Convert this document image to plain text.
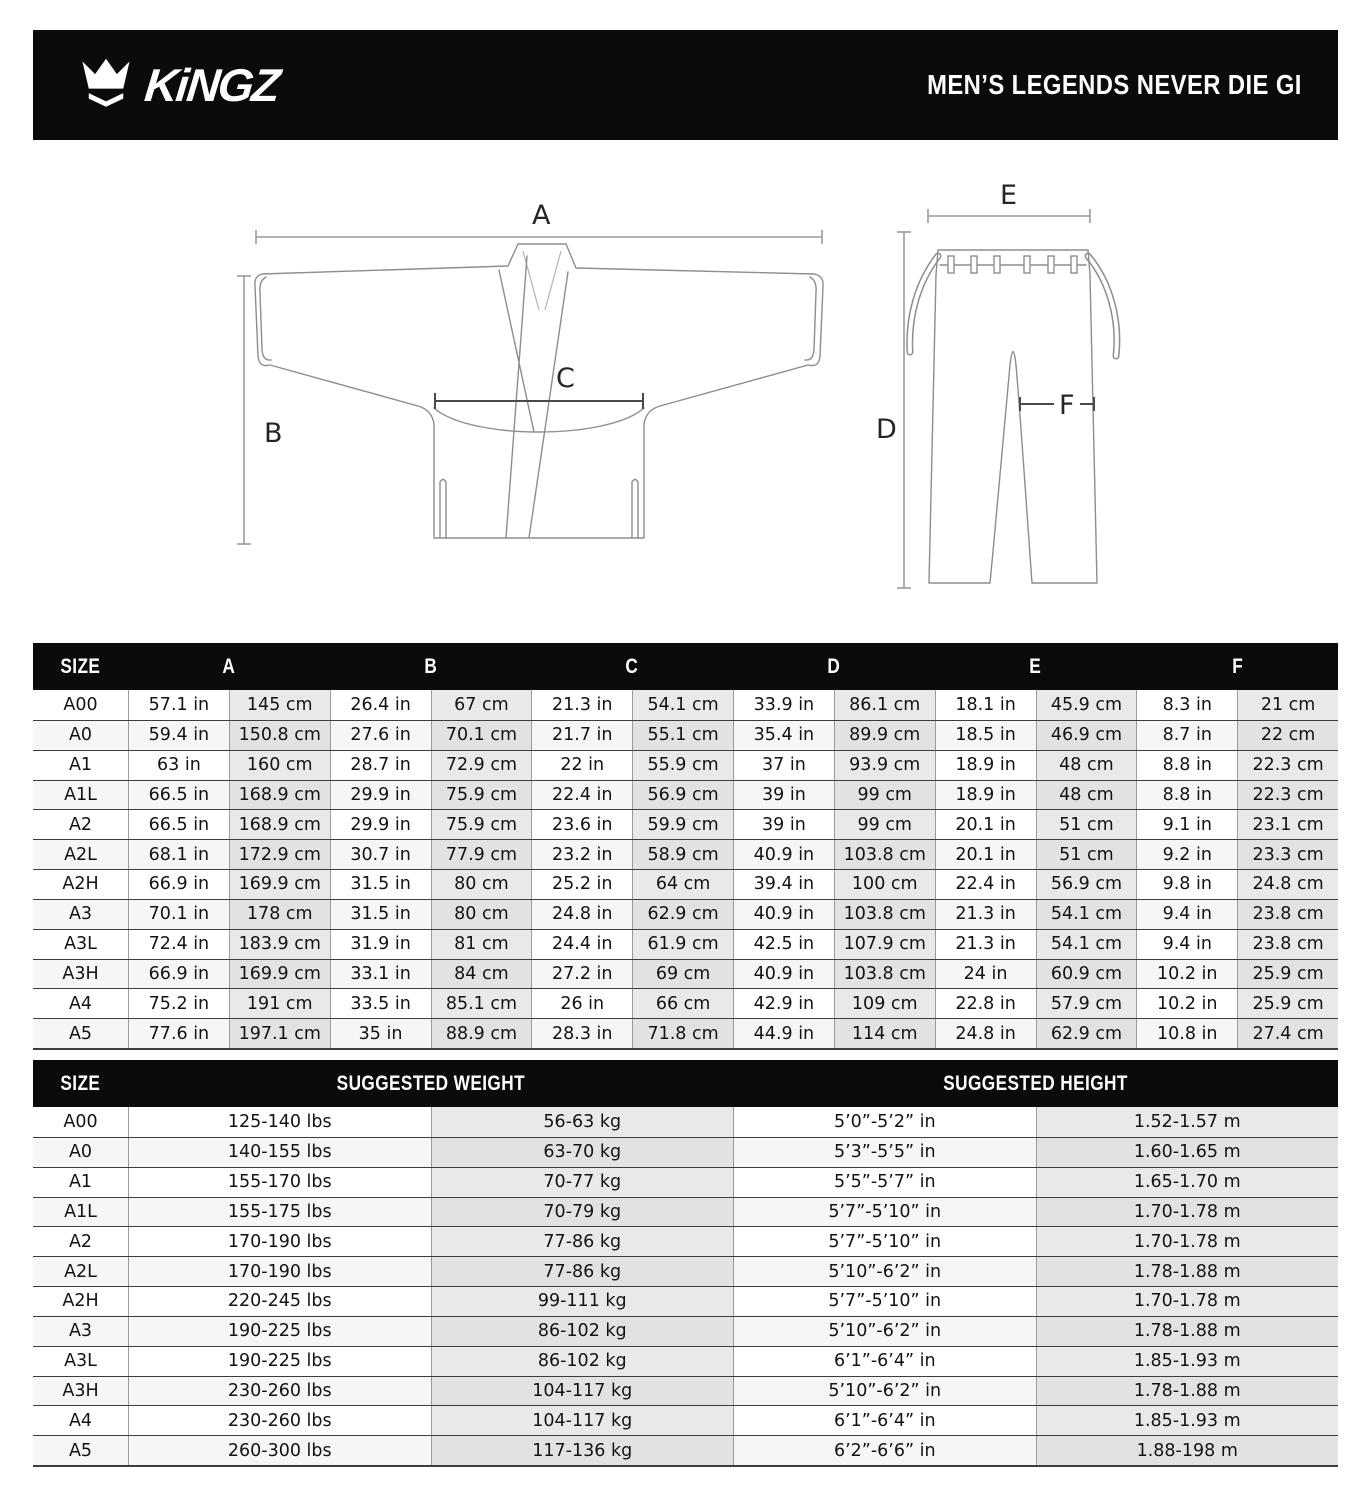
KiNGZ	MEN’S LEGENDS NEVER DIE GI
A
B
C
E
D
F
SIZE	A	B	C	D	E	F
A00	57.1 in	145 cm	26.4 in	67 cm	21.3 in	54.1 cm	33.9 in	86.1 cm	18.1 in	45.9 cm	8.3 in	21 cm
A0	59.4 in	150.8 cm	27.6 in	70.1 cm	21.7 in	55.1 cm	35.4 in	89.9 cm	18.5 in	46.9 cm	8.7 in	22 cm
A1	63 in	160 cm	28.7 in	72.9 cm	22 in	55.9 cm	37 in	93.9 cm	18.9 in	48 cm	8.8 in	22.3 cm
A1L	66.5 in	168.9 cm	29.9 in	75.9 cm	22.4 in	56.9 cm	39 in	99 cm	18.9 in	48 cm	8.8 in	22.3 cm
A2	66.5 in	168.9 cm	29.9 in	75.9 cm	23.6 in	59.9 cm	39 in	99 cm	20.1 in	51 cm	9.1 in	23.1 cm
A2L	68.1 in	172.9 cm	30.7 in	77.9 cm	23.2 in	58.9 cm	40.9 in	103.8 cm	20.1 in	51 cm	9.2 in	23.3 cm
A2H	66.9 in	169.9 cm	31.5 in	80 cm	25.2 in	64 cm	39.4 in	100 cm	22.4 in	56.9 cm	9.8 in	24.8 cm
A3	70.1 in	178 cm	31.5 in	80 cm	24.8 in	62.9 cm	40.9 in	103.8 cm	21.3 in	54.1 cm	9.4 in	23.8 cm
A3L	72.4 in	183.9 cm	31.9 in	81 cm	24.4 in	61.9 cm	42.5 in	107.9 cm	21.3 in	54.1 cm	9.4 in	23.8 cm
A3H	66.9 in	169.9 cm	33.1 in	84 cm	27.2 in	69 cm	40.9 in	103.8 cm	24 in	60.9 cm	10.2 in	25.9 cm
A4	75.2 in	191 cm	33.5 in	85.1 cm	26 in	66 cm	42.9 in	109 cm	22.8 in	57.9 cm	10.2 in	25.9 cm
A5	77.6 in	197.1 cm	35 in	88.9 cm	28.3 in	71.8 cm	44.9 in	114 cm	24.8 in	62.9 cm	10.8 in	27.4 cm
SIZE	SUGGESTED WEIGHT	SUGGESTED HEIGHT
A00	125-140 lbs	56-63 kg	5’0”-5’2” in	1.52-1.57 m
A0	140-155 lbs	63-70 kg	5’3”-5’5” in	1.60-1.65 m
A1	155-170 lbs	70-77 kg	5’5”-5’7” in	1.65-1.70 m
A1L	155-175 lbs	70-79 kg	5’7”-5’10” in	1.70-1.78 m
A2	170-190 lbs	77-86 kg	5’7”-5’10” in	1.70-1.78 m
A2L	170-190 lbs	77-86 kg	5’10”-6’2” in	1.78-1.88 m
A2H	220-245 lbs	99-111 kg	5’7”-5’10” in	1.70-1.78 m
A3	190-225 lbs	86-102 kg	5’10”-6’2” in	1.78-1.88 m
A3L	190-225 lbs	86-102 kg	6’1”-6’4” in	1.85-1.93 m
A3H	230-260 lbs	104-117 kg	5’10”-6’2” in	1.78-1.88 m
A4	230-260 lbs	104-117 kg	6’1”-6’4” in	1.85-1.93 m
A5	260-300 lbs	117-136 kg	6’2”-6’6” in	1.88-198 m
